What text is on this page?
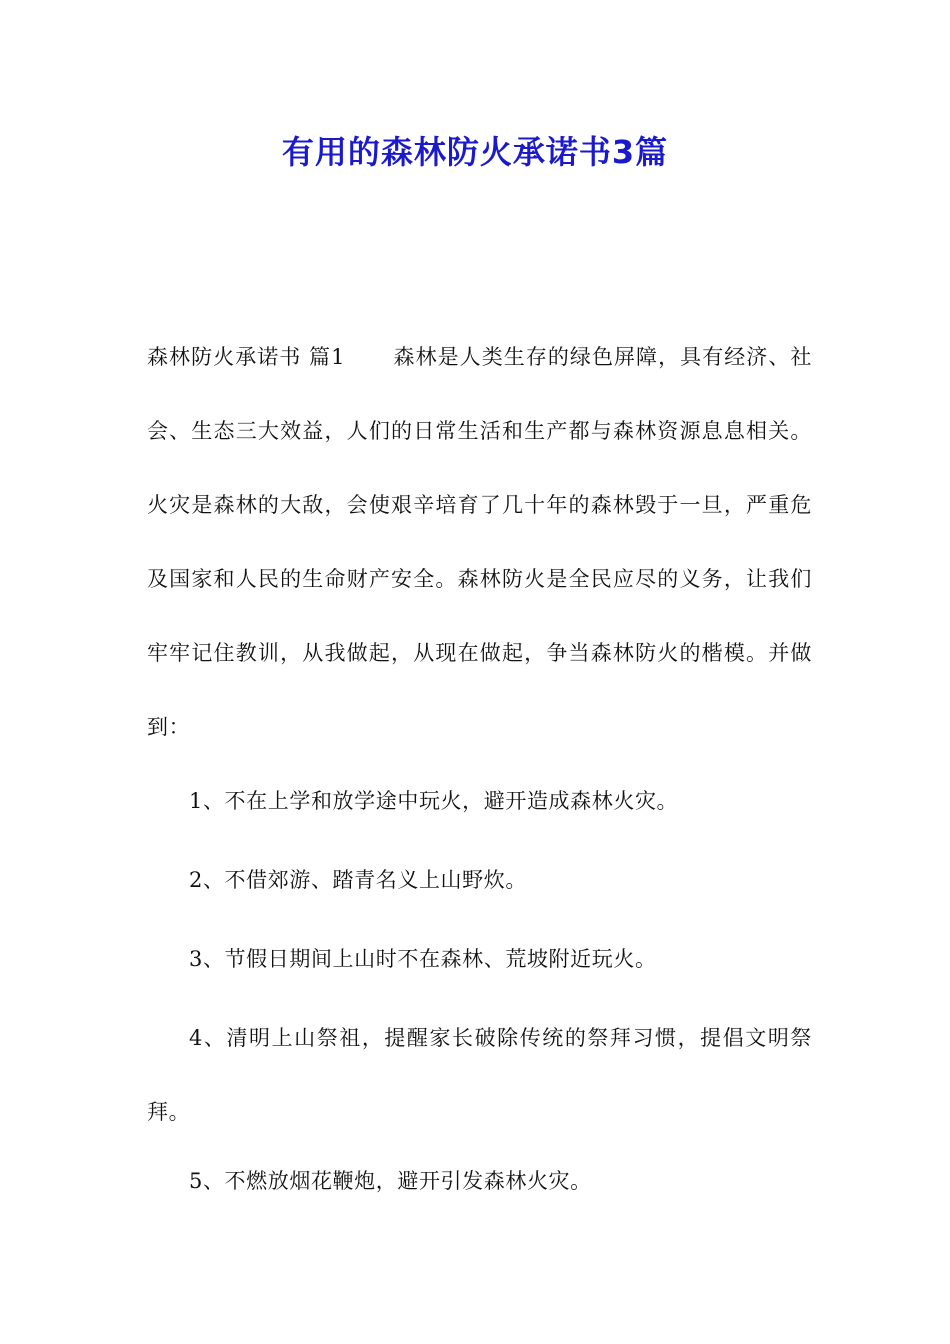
有用的森林防火承诺书3篇

森林防火承诺书 篇1 森林是人类生存的绿色屏障，具有经济、社会、生态三大效益，人们的日常生活和生产都与森林资源息息相关。火灾是森林的大敌，会使艰辛培育了几十年的森林毁于一旦，严重危及国家和人民的生命财产安全。森林防火是全民应尽的义务，让我们牢牢记住教训，从我做起，从现在做起，争当森林防火的楷模。并做到：

1、不在上学和放学途中玩火，避开造成森林火灾。

2、不借郊游、踏青名义上山野炊。

3、节假日期间上山时不在森林、荒坡附近玩火。

4、清明上山祭祖，提醒家长破除传统的祭拜习惯，提倡文明祭拜。

5、不燃放烟花鞭炮，避开引发森林火灾。
